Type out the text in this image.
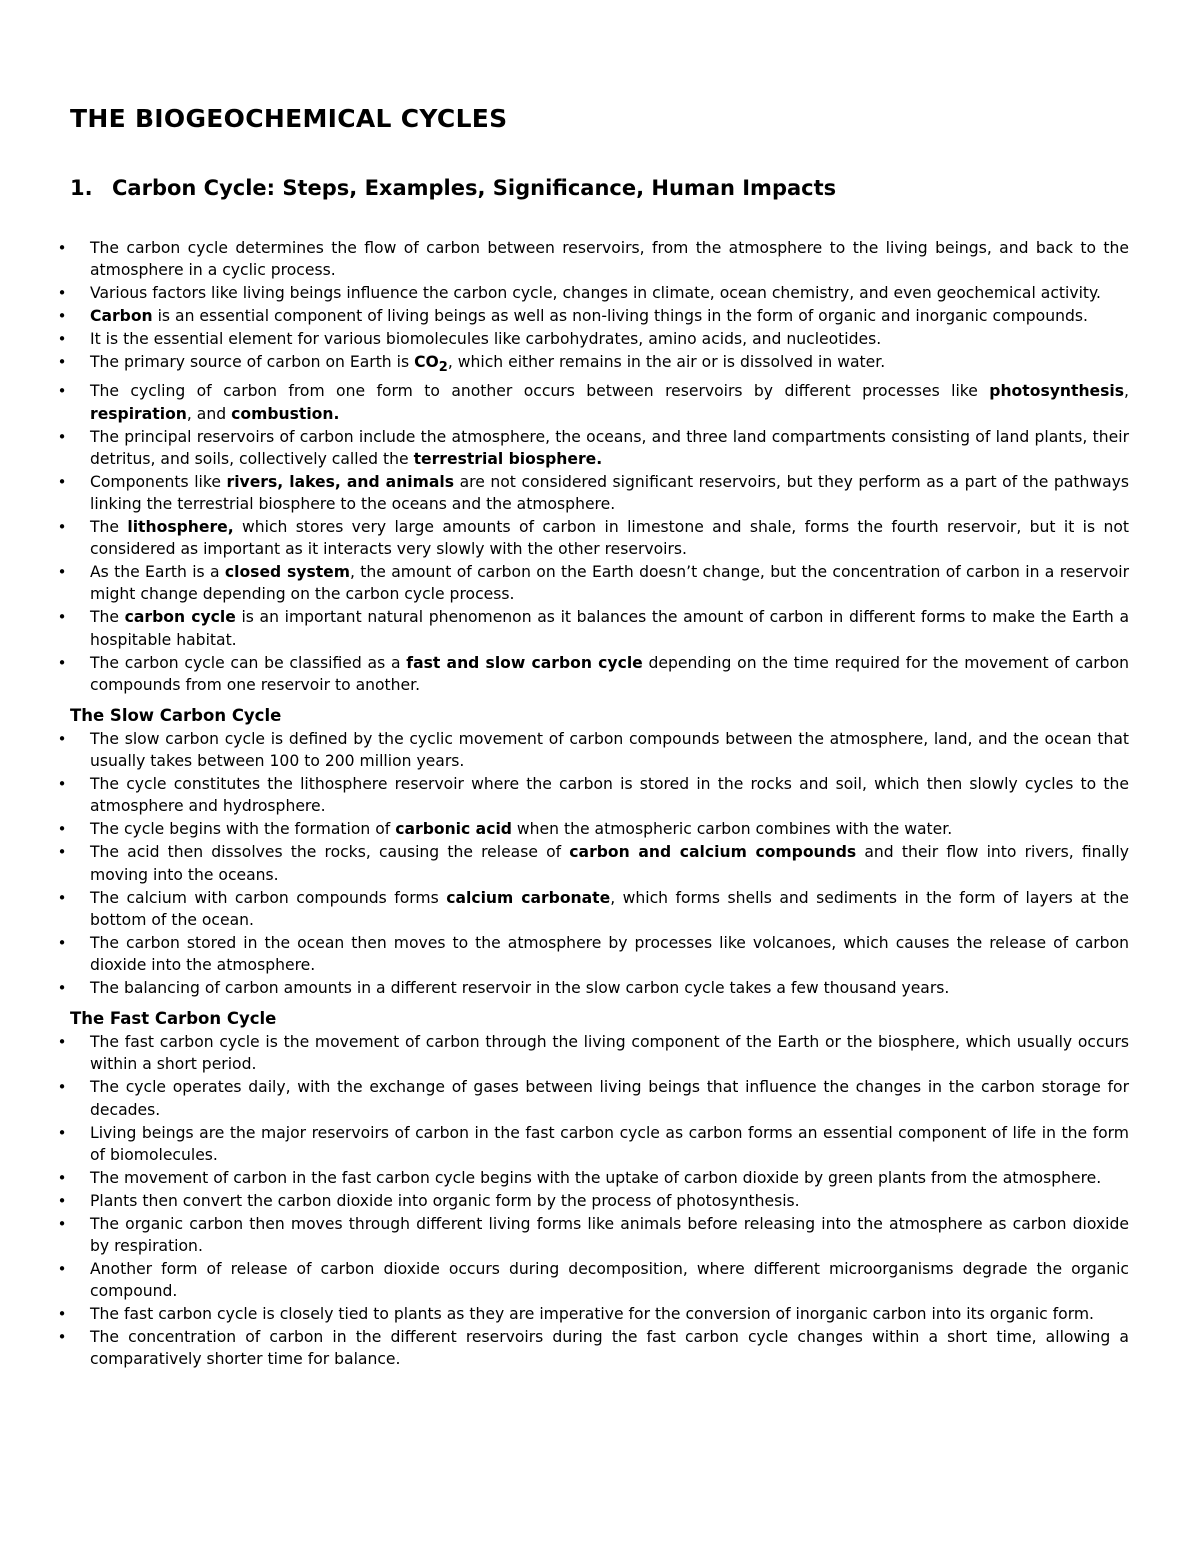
THE BIOGEOCHEMICAL CYCLES
1. Carbon Cycle: Steps, Examples, Significance, Human Impacts
• The carbon cycle determines the flow of carbon between reservoirs, from the atmosphere to the living beings, and back to the atmosphere in a cyclic process.
• Various factors like living beings influence the carbon cycle, changes in climate, ocean chemistry, and even geochemical activity.
• Carbon is an essential component of living beings as well as non-living things in the form of organic and inorganic compounds.
• It is the essential element for various biomolecules like carbohydrates, amino acids, and nucleotides.
• The primary source of carbon on Earth is $CO_2$, which either remains in the air or is dissolved in water.
• The cycling of carbon from one form to another occurs between reservoirs by different processes like photosynthesis, respiration, and combustion.
• The principal reservoirs of carbon include the atmosphere, the oceans, and three land compartments consisting of land plants, their detritus, and soils, collectively called the terrestrial biosphere.
• Components like rivers, lakes, and animals are not considered significant reservoirs, but they perform as a part of the pathways linking the terrestrial biosphere to the oceans and the atmosphere.
• The lithosphere, which stores very large amounts of carbon in limestone and shale, forms the fourth reservoir, but it is not considered as important as it interacts very slowly with the other reservoirs.
• As the Earth is a closed system, the amount of carbon on the Earth doesn’t change, but the concentration of carbon in a reservoir might change depending on the carbon cycle process.
• The carbon cycle is an important natural phenomenon as it balances the amount of carbon in different forms to make the Earth a hospitable habitat.
• The carbon cycle can be classified as a fast and slow carbon cycle depending on the time required for the movement of carbon compounds from one reservoir to another.
The Slow Carbon Cycle
• The slow carbon cycle is defined by the cyclic movement of carbon compounds between the atmosphere, land, and the ocean that usually takes between 100 to 200 million years.
• The cycle constitutes the lithosphere reservoir where the carbon is stored in the rocks and soil, which then slowly cycles to the atmosphere and hydrosphere.
• The cycle begins with the formation of carbonic acid when the atmospheric carbon combines with the water.
• The acid then dissolves the rocks, causing the release of carbon and calcium compounds and their flow into rivers, finally moving into the oceans.
• The calcium with carbon compounds forms calcium carbonate, which forms shells and sediments in the form of layers at the bottom of the ocean.
• The carbon stored in the ocean then moves to the atmosphere by processes like volcanoes, which causes the release of carbon dioxide into the atmosphere.
• The balancing of carbon amounts in a different reservoir in the slow carbon cycle takes a few thousand years.
The Fast Carbon Cycle
• The fast carbon cycle is the movement of carbon through the living component of the Earth or the biosphere, which usually occurs within a short period.
• The cycle operates daily, with the exchange of gases between living beings that influence the changes in the carbon storage for decades.
• Living beings are the major reservoirs of carbon in the fast carbon cycle as carbon forms an essential component of life in the form of biomolecules.
• The movement of carbon in the fast carbon cycle begins with the uptake of carbon dioxide by green plants from the atmosphere.
• Plants then convert the carbon dioxide into organic form by the process of photosynthesis.
• The organic carbon then moves through different living forms like animals before releasing into the atmosphere as carbon dioxide by respiration.
• Another form of release of carbon dioxide occurs during decomposition, where different microorganisms degrade the organic compound.
• The fast carbon cycle is closely tied to plants as they are imperative for the conversion of inorganic carbon into its organic form.
• The concentration of carbon in the different reservoirs during the fast carbon cycle changes within a short time, allowing a comparatively shorter time for balance.
